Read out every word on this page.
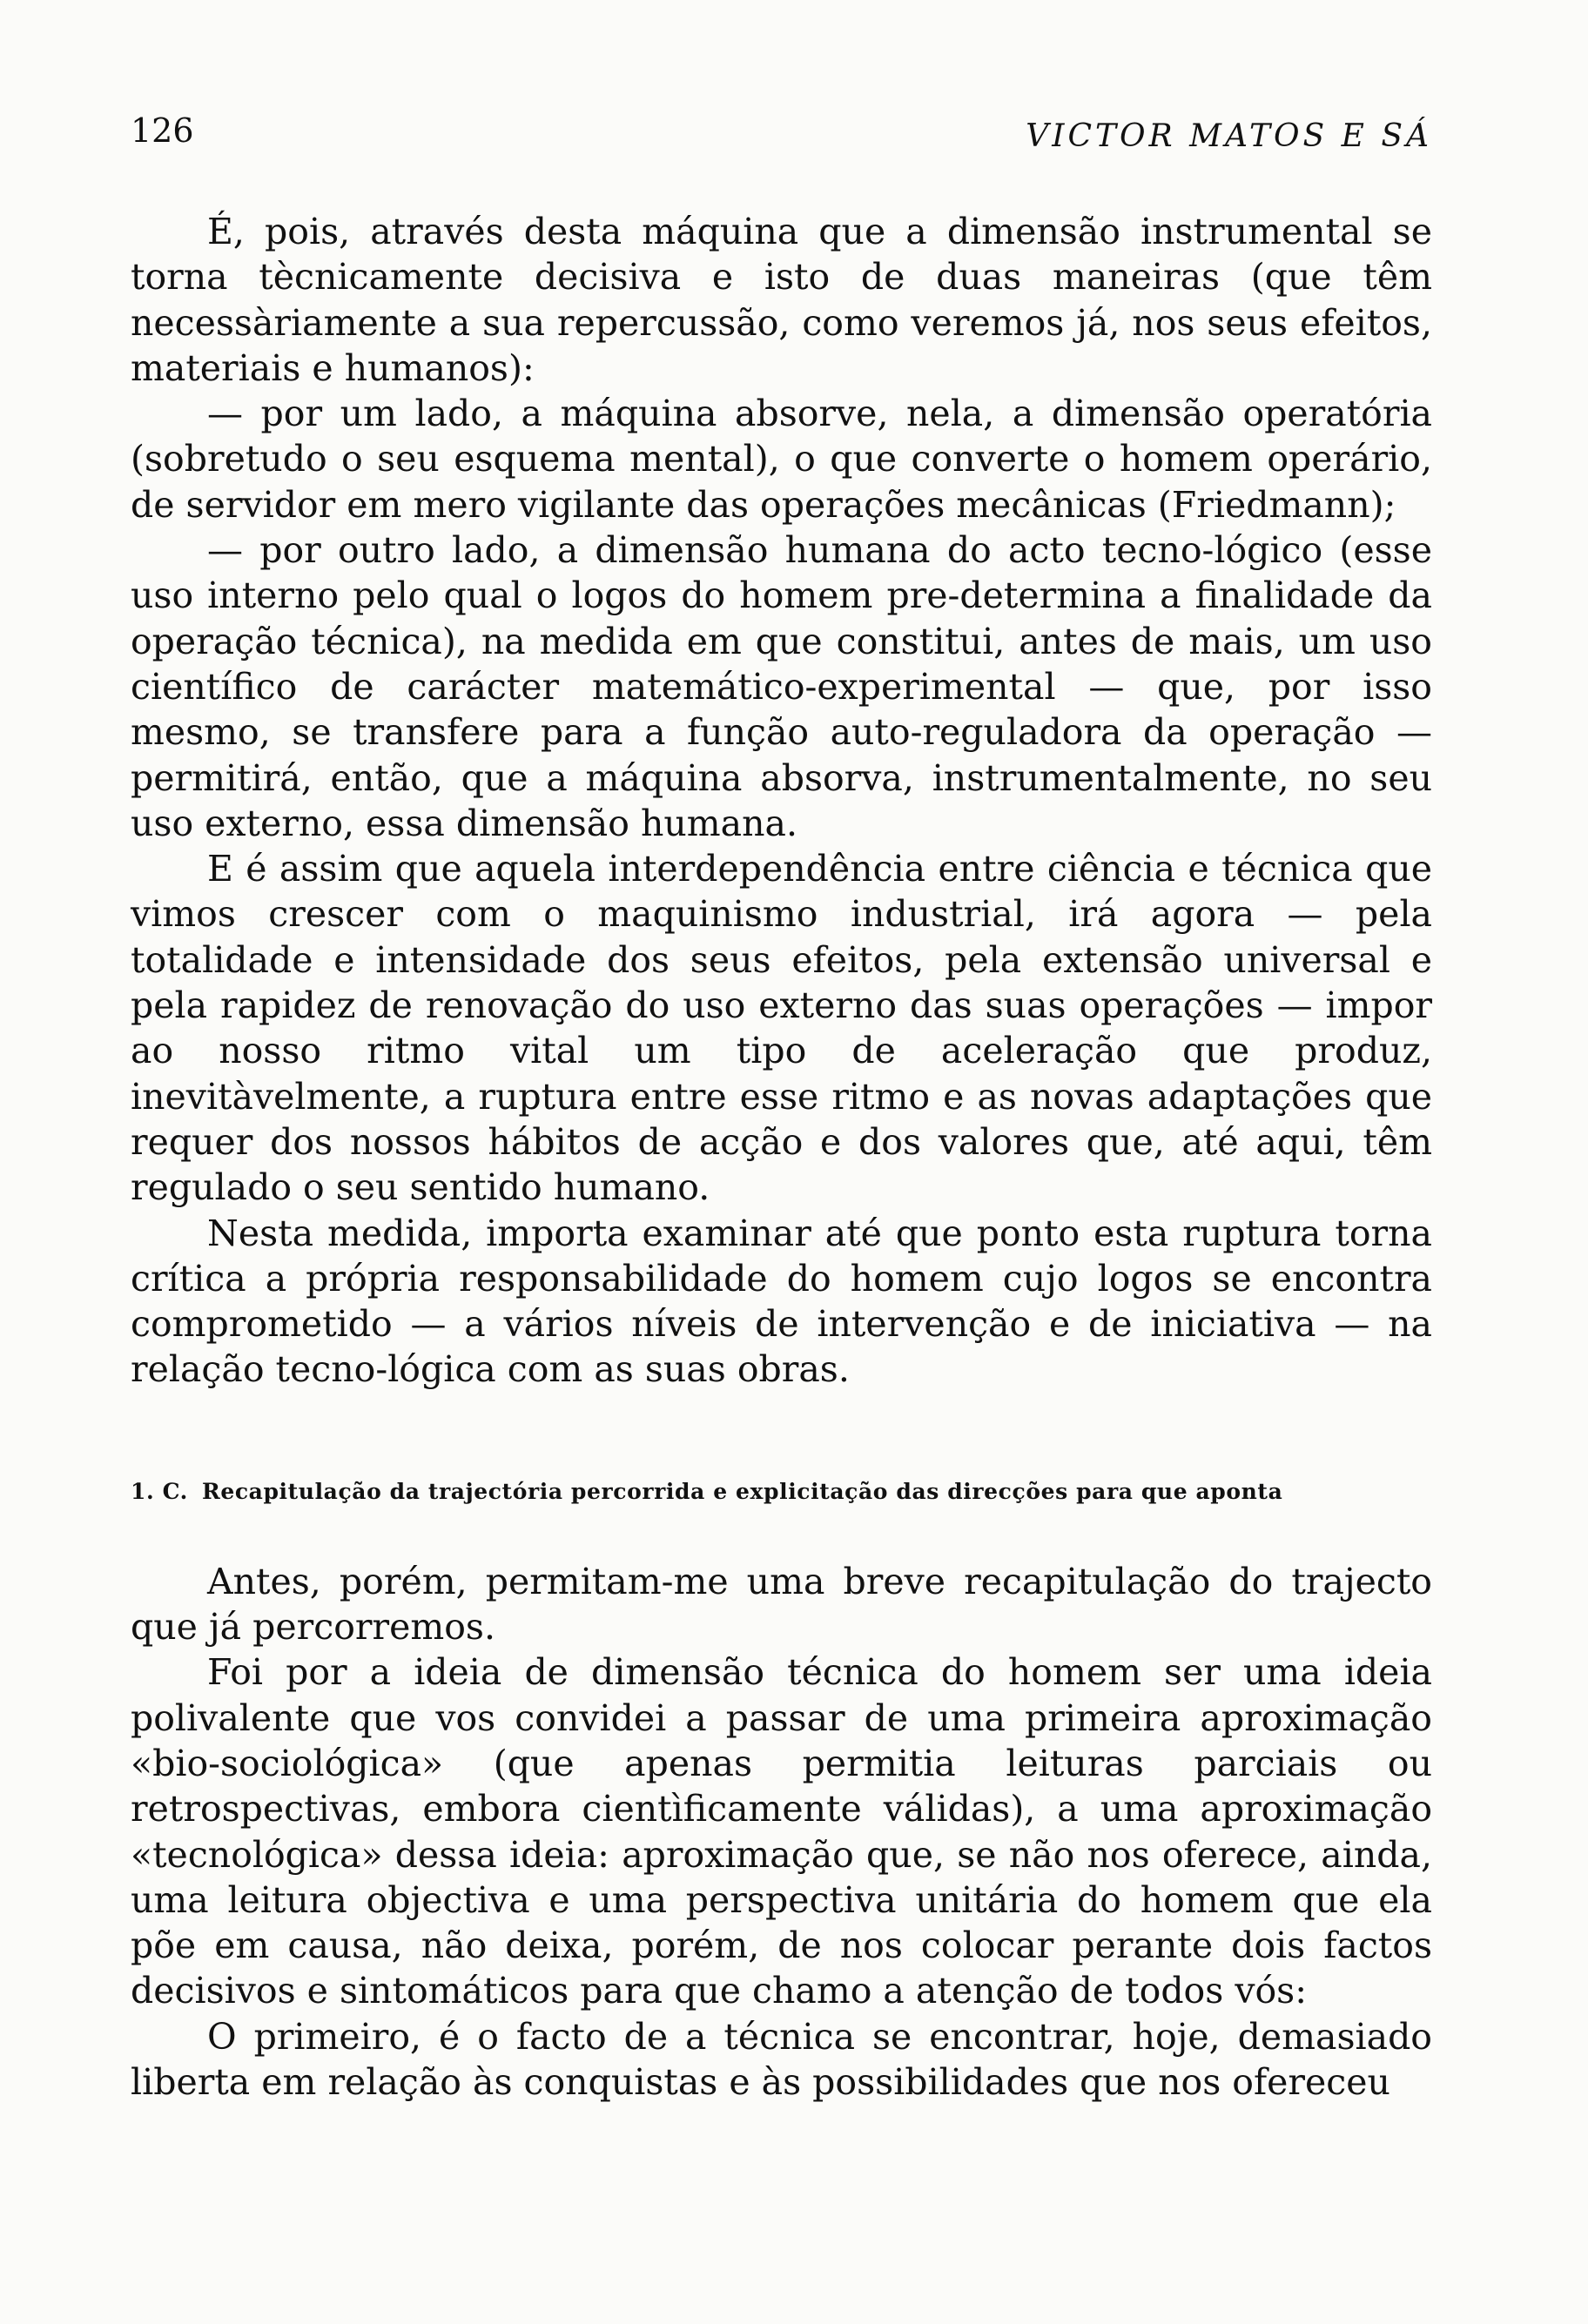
126	VICTOR MATOS E SÁ

É, pois, através desta máquina que a dimensão instrumental se torna tècnicamente decisiva e isto de duas maneiras (que têm necessàriamente a sua repercussão, como veremos já, nos seus efeitos, materiais e humanos):

— por um lado, a máquina absorve, nela, a dimensão operatória (sobretudo o seu esquema mental), o que converte o homem operário, de servidor em mero vigilante das operações mecânicas (Friedmann);

— por outro lado, a dimensão humana do acto tecno-lógico (esse uso interno pelo qual o logos do homem pre-determina a finalidade da operação técnica), na medida em que constitui, antes de mais, um uso científico de carácter matemático-experimental — que, por isso mesmo, se transfere para a função auto-reguladora da operação — permitirá, então, que a máquina absorva, instrumentalmente, no seu uso externo, essa dimensão humana.

E é assim que aquela interdependência entre ciência e técnica que vimos crescer com o maquinismo industrial, irá agora — pela totalidade e intensidade dos seus efeitos, pela extensão universal e pela rapidez de renovação do uso externo das suas operações — impor ao nosso ritmo vital um tipo de aceleração que produz, inevitàvelmente, a ruptura entre esse ritmo e as novas adaptações que requer dos nossos hábitos de acção e dos valores que, até aqui, têm regulado o seu sentido humano.

Nesta medida, importa examinar até que ponto esta ruptura torna crítica a própria responsabilidade do homem cujo logos se encontra comprometido — a vários níveis de intervenção e de iniciativa — na relação tecno-lógica com as suas obras.

1. C. Recapitulação da trajectória percorrida e explicitação das direcções para que aponta

Antes, porém, permitam-me uma breve recapitulação do trajecto que já percorremos.

Foi por a ideia de dimensão técnica do homem ser uma ideia polivalente que vos convidei a passar de uma primeira aproximação «bio-sociológica» (que apenas permitia leituras parciais ou retrospectivas, embora cientìficamente válidas), a uma aproximação «tecnológica» dessa ideia: aproximação que, se não nos oferece, ainda, uma leitura objectiva e uma perspectiva unitária do homem que ela põe em causa, não deixa, porém, de nos colocar perante dois factos decisivos e sintomáticos para que chamo a atenção de todos vós:

O primeiro, é o facto de a técnica se encontrar, hoje, demasiado liberta em relação às conquistas e às possibilidades que nos ofereceu
